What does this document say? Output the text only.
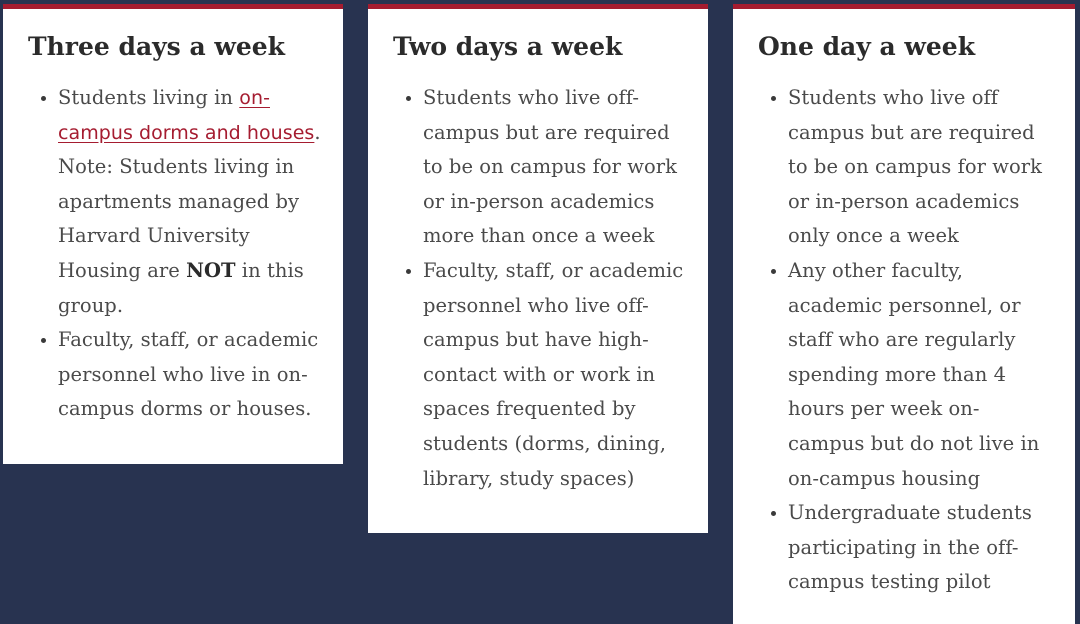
Three days a week
• Students living in on-campus dorms and houses. Note: Students living in apartments managed by Harvard University Housing are NOT in this group.
• Faculty, staff, or academic personnel who live in on-campus dorms or houses.
Two days a week
• Students who live off-campus but are required to be on campus for work or in-person academics more than once a week
• Faculty, staff, or academic personnel who live off-campus but have high-contact with or work in spaces frequented by students (dorms, dining, library, study spaces)
One day a week
• Students who live off campus but are required to be on campus for work or in-person academics only once a week
• Any other faculty, academic personnel, or staff who are regularly spending more than 4 hours per week on-campus but do not live in on-campus housing
• Undergraduate students participating in the off-campus testing pilot
